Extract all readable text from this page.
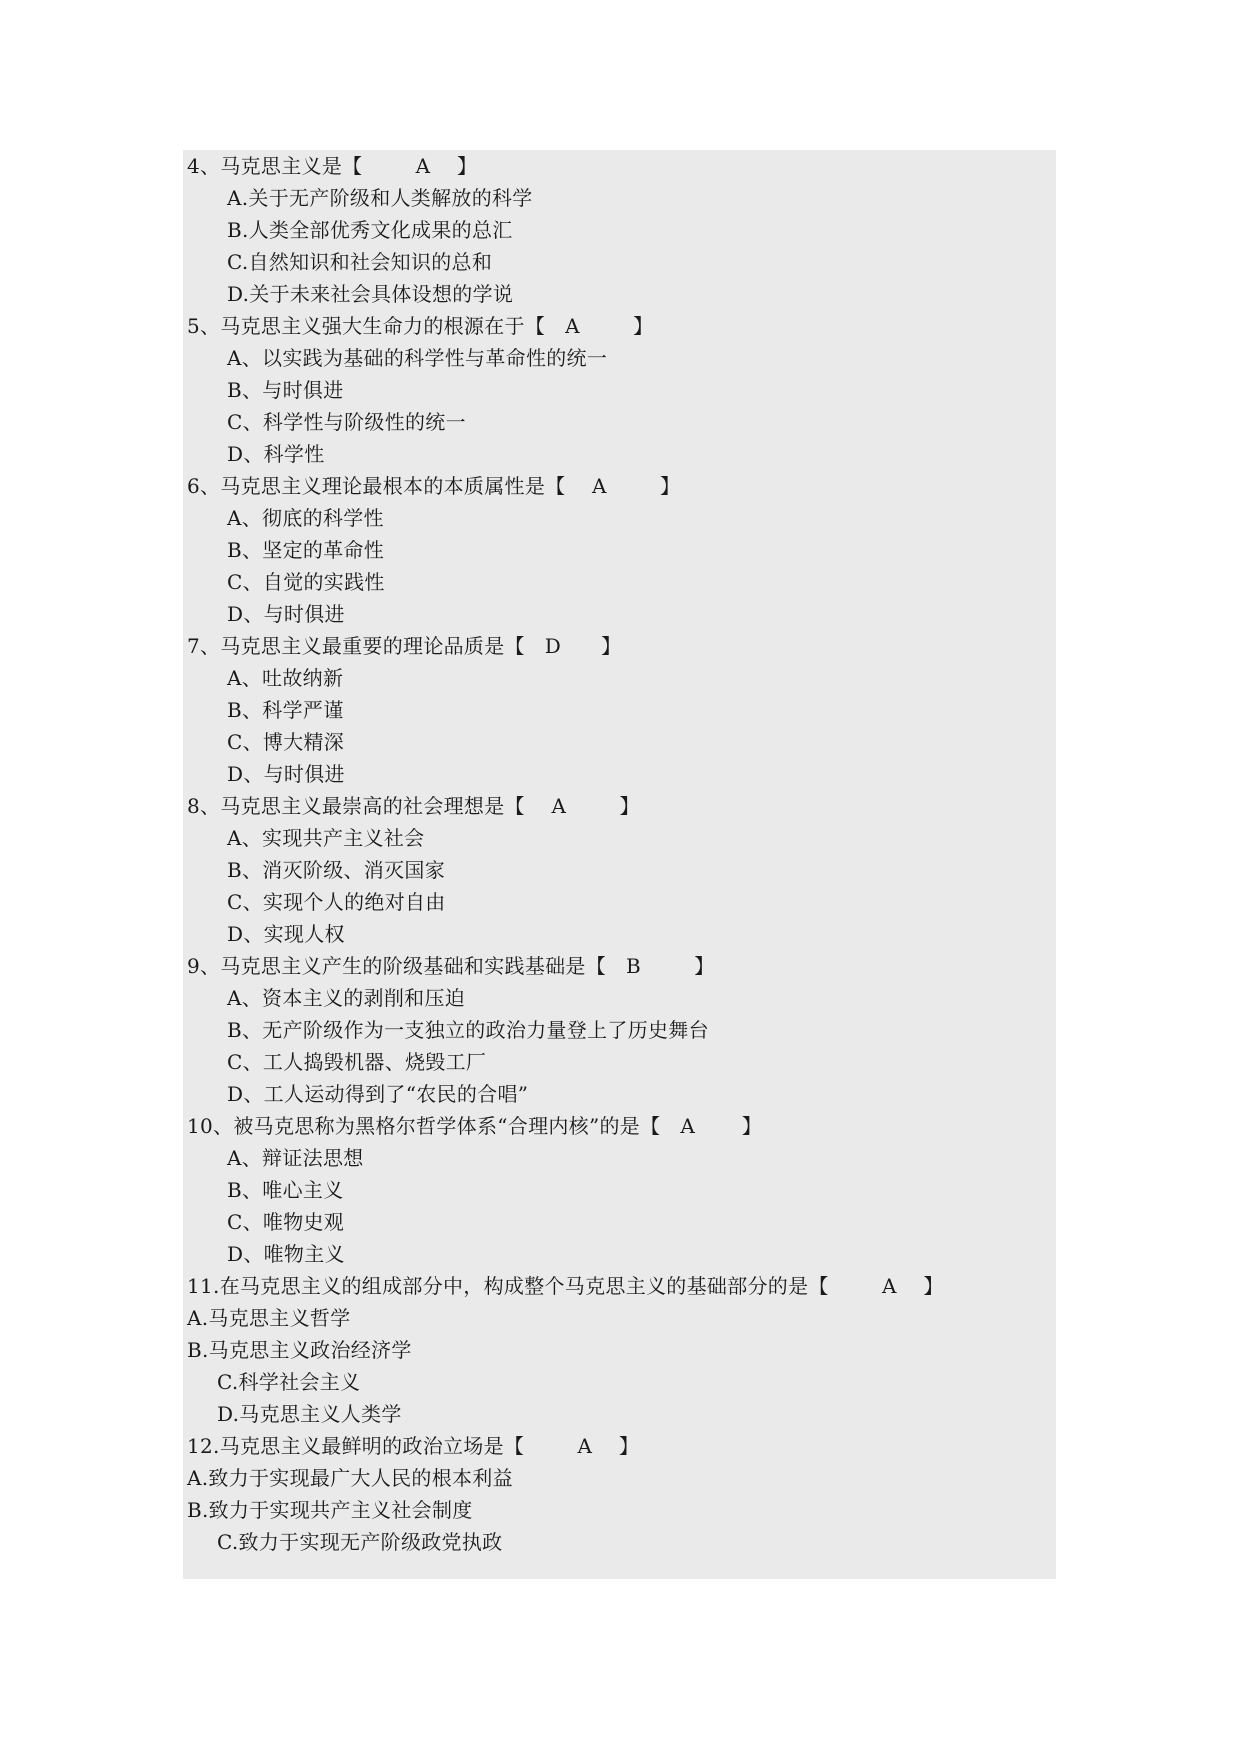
4、马克思主义是【        A    】
A.关于无产阶级和人类解放的科学
B.人类全部优秀文化成果的总汇
C.自然知识和社会知识的总和
D.关于未来社会具体设想的学说
5、马克思主义强大生命力的根源在于【   A        】
A、以实践为基础的科学性与革命性的统一
B、与时俱进
C、科学性与阶级性的统一
D、科学性
6、马克思主义理论最根本的本质属性是【    A        】
A、彻底的科学性
B、坚定的革命性
C、自觉的实践性
D、与时俱进
7、马克思主义最重要的理论品质是【   D      】
A、吐故纳新
B、科学严谨
C、博大精深
D、与时俱进
8、马克思主义最崇高的社会理想是【    A        】
A、实现共产主义社会
B、消灭阶级、消灭国家
C、实现个人的绝对自由
D、实现人权
9、马克思主义产生的阶级基础和实践基础是【   B        】
A、资本主义的剥削和压迫
B、无产阶级作为一支独立的政治力量登上了历史舞台
C、工人捣毁机器、烧毁工厂
D、工人运动得到了“农民的合唱”
10、被马克思称为黑格尔哲学体系“合理内核”的是【   A       】
A、辩证法思想
B、唯心主义
C、唯物史观
D、唯物主义
11.在马克思主义的组成部分中，构成整个马克思主义的基础部分的是【        A    】
A.马克思主义哲学
B.马克思主义政治经济学
C.科学社会主义
D.马克思主义人类学
12.马克思主义最鲜明的政治立场是【        A    】
A.致力于实现最广大人民的根本利益
B.致力于实现共产主义社会制度
C.致力于实现无产阶级政党执政
